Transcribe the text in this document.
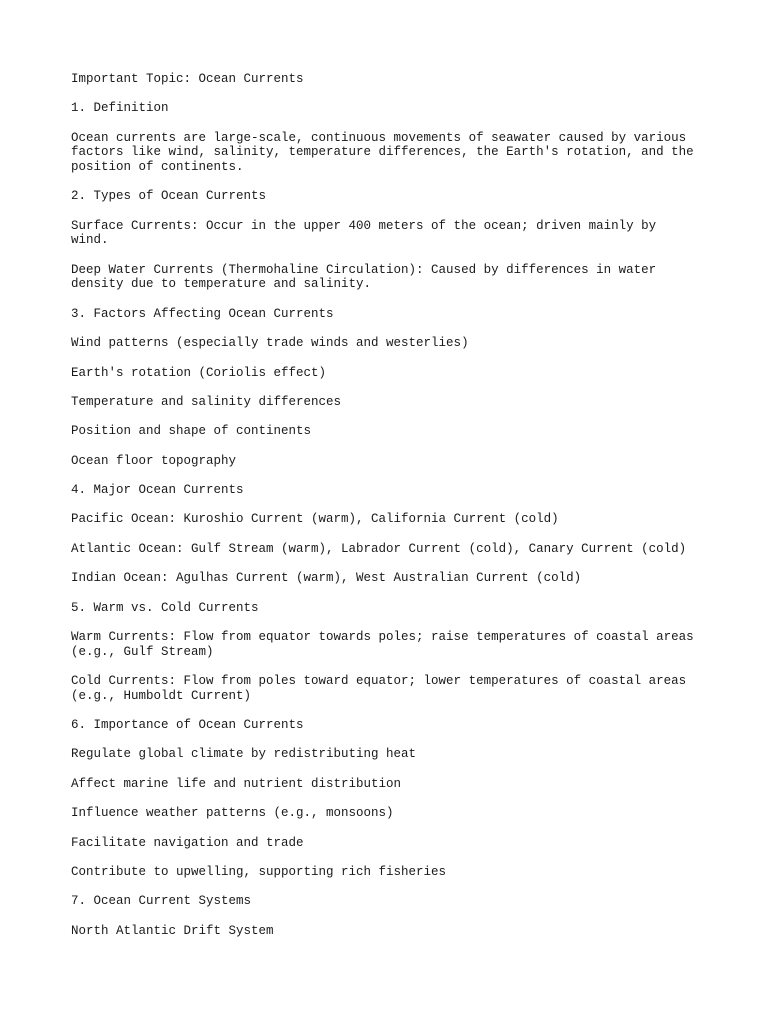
Important Topic: Ocean Currents

1. Definition

Ocean currents are large-scale, continuous movements of seawater caused by various
factors like wind, salinity, temperature differences, the Earth's rotation, and the
position of continents.

2. Types of Ocean Currents

Surface Currents: Occur in the upper 400 meters of the ocean; driven mainly by
wind.

Deep Water Currents (Thermohaline Circulation): Caused by differences in water
density due to temperature and salinity.

3. Factors Affecting Ocean Currents

Wind patterns (especially trade winds and westerlies)

Earth's rotation (Coriolis effect)

Temperature and salinity differences

Position and shape of continents

Ocean floor topography

4. Major Ocean Currents

Pacific Ocean: Kuroshio Current (warm), California Current (cold)

Atlantic Ocean: Gulf Stream (warm), Labrador Current (cold), Canary Current (cold)

Indian Ocean: Agulhas Current (warm), West Australian Current (cold)

5. Warm vs. Cold Currents

Warm Currents: Flow from equator towards poles; raise temperatures of coastal areas
(e.g., Gulf Stream)

Cold Currents: Flow from poles toward equator; lower temperatures of coastal areas
(e.g., Humboldt Current)

6. Importance of Ocean Currents

Regulate global climate by redistributing heat

Affect marine life and nutrient distribution

Influence weather patterns (e.g., monsoons)

Facilitate navigation and trade

Contribute to upwelling, supporting rich fisheries

7. Ocean Current Systems

North Atlantic Drift System
